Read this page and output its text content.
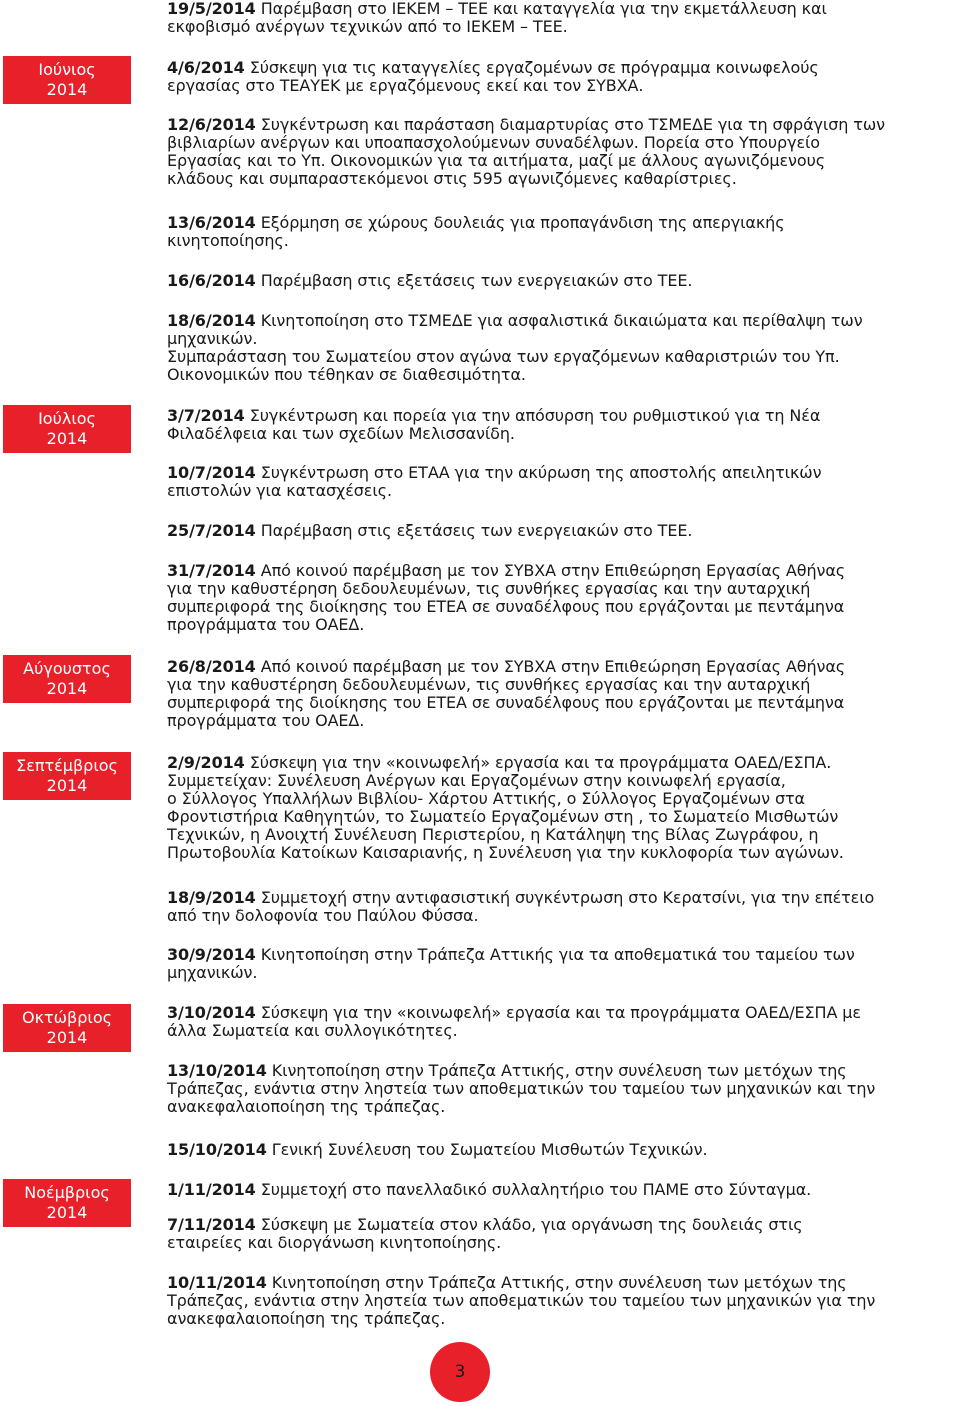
Ιούνιος
2014
Ιούλιος
2014
Αύγουστος
2014
Σεπτέμβριος
2014
Οκτώβριος
2014
Νοέμβριος
2014
19/5/2014 Παρέμβαση στο ΙΕΚΕΜ – ΤΕΕ και καταγγελία για την εκμετάλλευση και
εκφοβισμό ανέργων τεχνικών από το ΙΕΚΕΜ – ΤΕΕ.
4/6/2014 Σύσκεψη για τις καταγγελίες εργαζομένων σε πρόγραμμα κοινωφελούς
εργασίας στο ΤΕΑΥΕΚ με εργαζόμενους εκεί και τον ΣΥΒΧΑ.
12/6/2014 Συγκέντρωση και παράσταση διαμαρτυρίας στο ΤΣΜΕΔΕ για τη σφράγιση των
βιβλιαρίων ανέργων και υποαπασχολούμενων συναδέλφων. Πορεία στο Υπουργείο
Εργασίας και το Υπ. Οικονομικών για τα αιτήματα, μαζί με άλλους αγωνιζόμενους
κλάδους και συμπαραστεκόμενοι στις 595 αγωνιζόμενες καθαρίστριες.
13/6/2014 Εξόρμηση σε χώρους δουλειάς για προπαγάνδιση της απεργιακής
κινητοποίησης.
16/6/2014 Παρέμβαση στις εξετάσεις των ενεργειακών στο ΤΕΕ.
18/6/2014 Κινητοποίηση στο ΤΣΜΕΔΕ για ασφαλιστικά δικαιώματα και περίθαλψη των
μηχανικών.
Συμπαράσταση του Σωματείου στον αγώνα των εργαζόμενων καθαριστριών του Υπ.
Οικονομικών που τέθηκαν σε διαθεσιμότητα.
3/7/2014 Συγκέντρωση και πορεία για την απόσυρση του ρυθμιστικού για τη Νέα
Φιλαδέλφεια και των σχεδίων Μελισσανίδη.
10/7/2014 Συγκέντρωση στο ΕΤΑΑ για την ακύρωση της αποστολής απειλητικών
επιστολών για κατασχέσεις.
25/7/2014 Παρέμβαση στις εξετάσεις των ενεργειακών στο ΤΕΕ.
31/7/2014 Από κοινού παρέμβαση με τον ΣΥΒΧΑ στην Επιθεώρηση Εργασίας Αθήνας
για την καθυστέρηση δεδουλευμένων, τις συνθήκες εργασίας και την αυταρχική
συμπεριφορά της διοίκησης του ΕΤΕΑ σε συναδέλφους που εργάζονται με πεντάμηνα
προγράμματα του ΟΑΕΔ.
26/8/2014 Από κοινού παρέμβαση με τον ΣΥΒΧΑ στην Επιθεώρηση Εργασίας Αθήνας
για την καθυστέρηση δεδουλευμένων, τις συνθήκες εργασίας και την αυταρχική
συμπεριφορά της διοίκησης του ΕΤΕΑ σε συναδέλφους που εργάζονται με πεντάμηνα
προγράμματα του ΟΑΕΔ.
2/9/2014 Σύσκεψη για την «κοινωφελή» εργασία και τα προγράμματα ΟΑΕΔ/ΕΣΠΑ.
Συμμετείχαν: Συνέλευση Ανέργων και Εργαζομένων στην κοινωφελή εργασία,
ο Σύλλογος Υπαλλήλων Βιβλίου- Χάρτου Αττικής, ο Σύλλογος Εργαζομένων στα
Φροντιστήρια Καθηγητών, το Σωματείο Εργαζομένων στη , το Σωματείο Μισθωτών
Τεχνικών, η Ανοιχτή Συνέλευση Περιστερίου, η Κατάληψη της Βίλας Ζωγράφου, η
Πρωτοβουλία Κατοίκων Καισαριανής, η Συνέλευση για την κυκλοφορία των αγώνων.
18/9/2014 Συμμετοχή στην αντιφασιστική συγκέντρωση στο Κερατσίνι, για την επέτειο
από την δολοφονία του Παύλου Φύσσα.
30/9/2014 Κινητοποίηση στην Τράπεζα Αττικής για τα αποθεματικά του ταμείου των
μηχανικών.
3/10/2014 Σύσκεψη για την «κοινωφελή» εργασία και τα προγράμματα ΟΑΕΔ/ΕΣΠΑ με
άλλα Σωματεία και συλλογικότητες.
13/10/2014 Κινητοποίηση στην Τράπεζα Αττικής, στην συνέλευση των μετόχων της
Τράπεζας, ενάντια στην ληστεία των αποθεματικών του ταμείου των μηχανικών και την
ανακεφαλαιοποίηση της τράπεζας.
15/10/2014 Γενική Συνέλευση του Σωματείου Μισθωτών Τεχνικών.
1/11/2014 Συμμετοχή στο πανελλαδικό συλλαλητήριο του ΠΑΜΕ στο Σύνταγμα.
7/11/2014 Σύσκεψη με Σωματεία στον κλάδο, για οργάνωση της δουλειάς στις
εταιρείες και διοργάνωση κινητοποίησης.
10/11/2014 Κινητοποίηση στην Τράπεζα Αττικής, στην συνέλευση των μετόχων της
Τράπεζας, ενάντια στην ληστεία των αποθεματικών του ταμείου των μηχανικών για την
ανακεφαλαιοποίηση της τράπεζας.
3
